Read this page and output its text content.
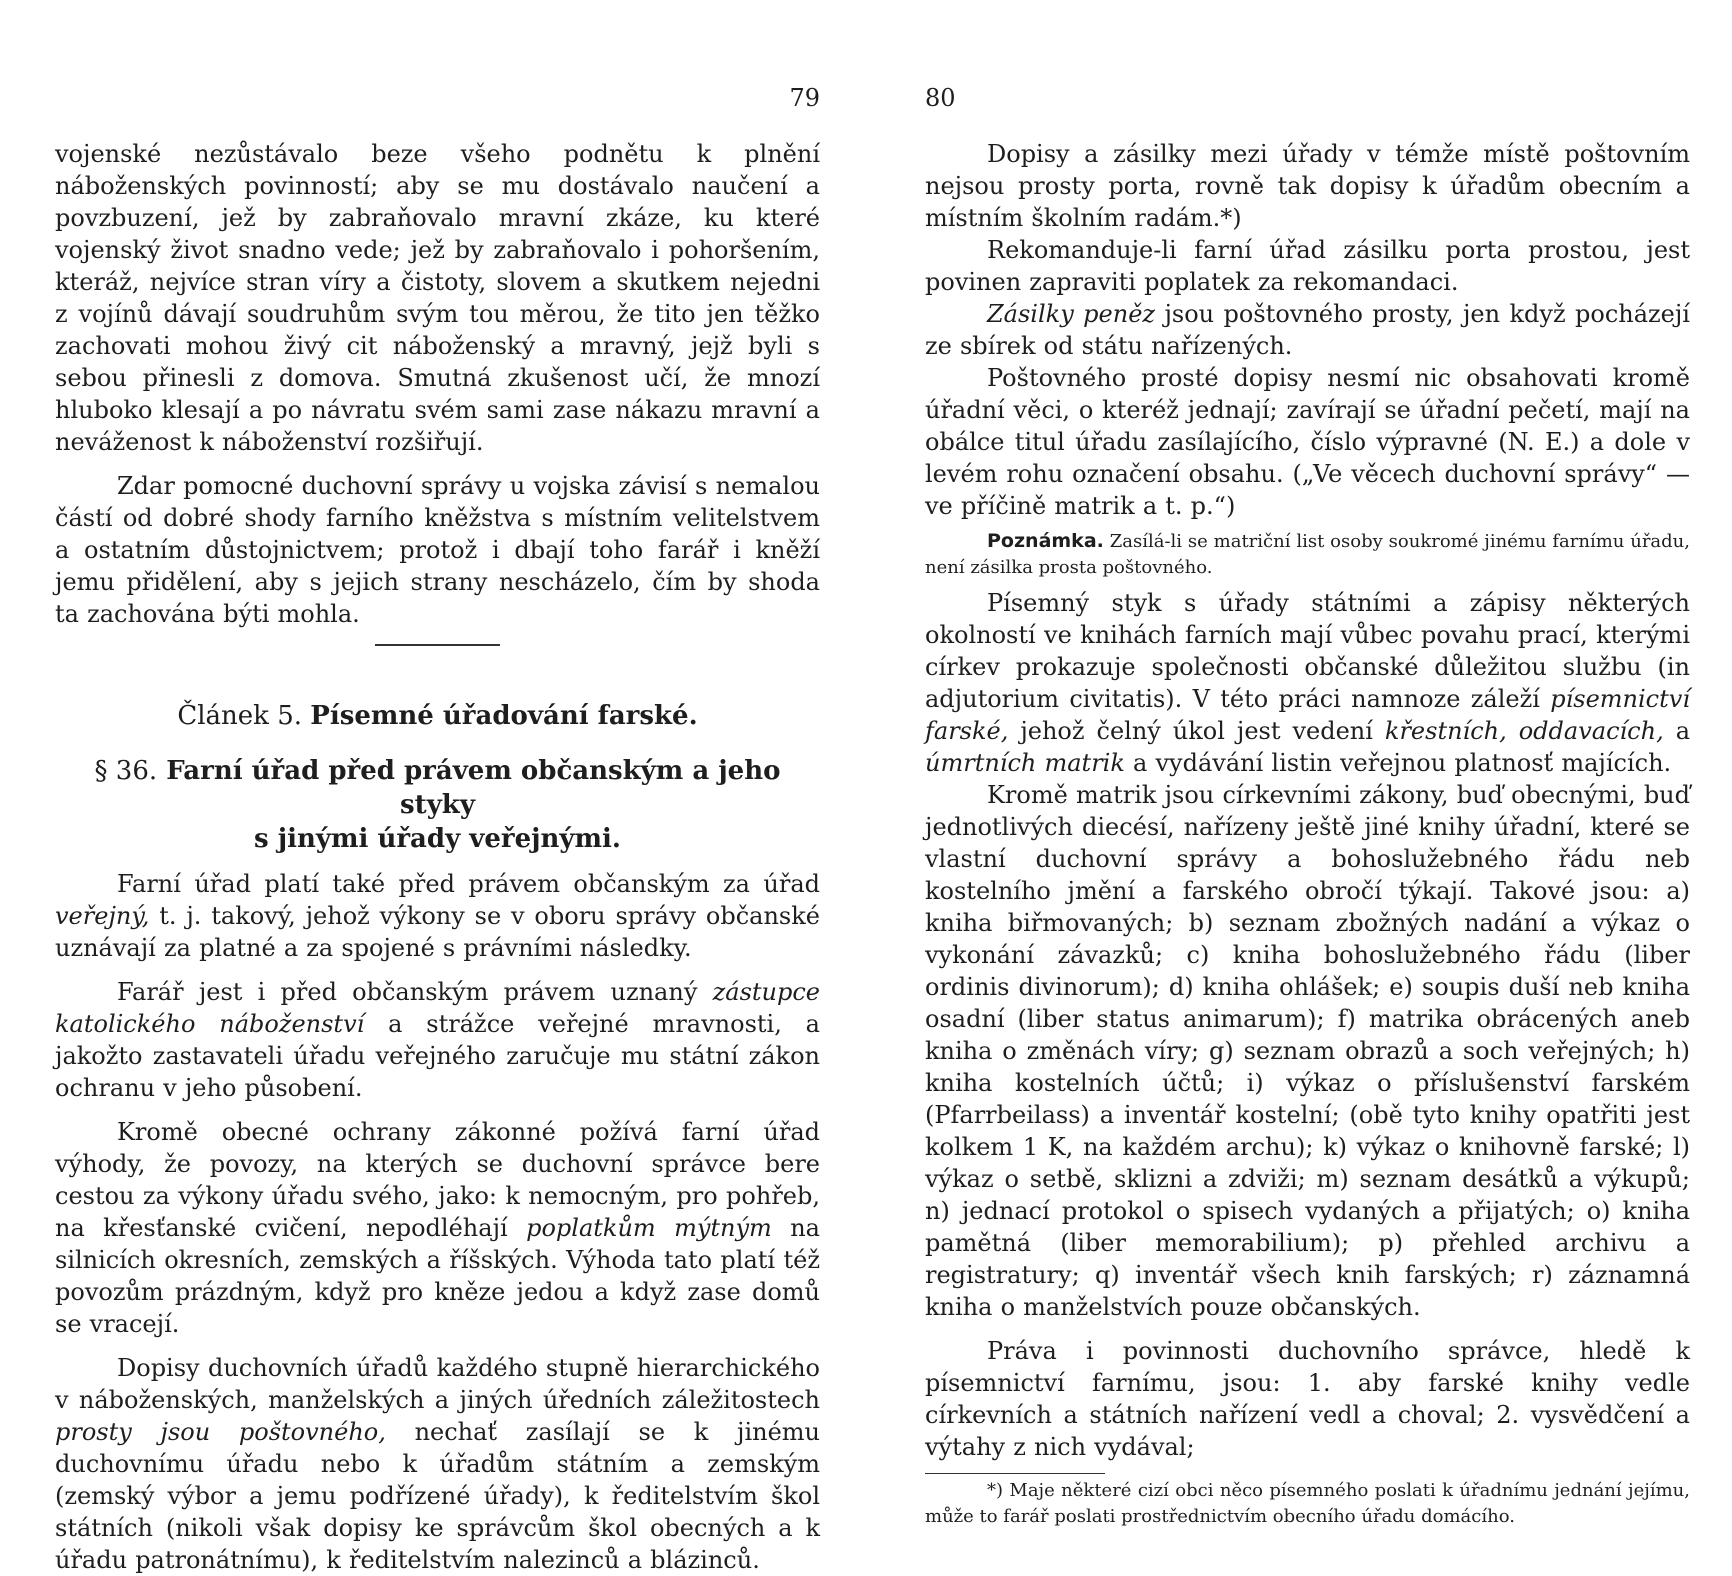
79

vojenské nezůstávalo beze všeho podnětu k plnění náboženských povinností; aby se mu dostávalo naučení a povzbuzení, jež by zabraňovalo mravní zkáze, ku které vojenský život snadno vede; jež by zabraňovalo i pohoršením, kteráž, nejvíce stran víry a čistoty, slovem a skutkem nejedni z vojínů dávají soudruhům svým tou měrou, že tito jen těžko zachovati mohou živý cit náboženský a mravný, jejž byli s sebou přinesli z domova. Smutná zkušenost učí, že mnozí hluboko klesají a po návratu svém sami zase nákazu mravní a neváženost k náboženství rozšiřují.

Zdar pomocné duchovní správy u vojska závisí s nemalou částí od dobré shody farního kněžstva s místním velitelstvem a ostatním důstojnictvem; protož i dbají toho farář i kněží jemu přidělení, aby s jejich strany nescházelo, čím by shoda ta zachována býti mohla.

Článek 5. Písemné úřadování farské.
§ 36. Farní úřad před právem občanským a jeho styky
s jinými úřady veřejnými.

Farní úřad platí také před právem občanským za úřad veřejný, t. j. takový, jehož výkony se v oboru správy občanské uznávají za platné a za spojené s právními následky.

Farář jest i před občanským právem uznaný zástupce katolického náboženství a strážce veřejné mravnosti, a jakožto zastavateli úřadu veřejného zaručuje mu státní zákon ochranu v jeho působení.

Kromě obecné ochrany zákonné požívá farní úřad výhody, že povozy, na kterých se duchovní správce bere cestou za výkony úřadu svého, jako: k nemocným, pro pohřeb, na křesťanské cvičení, nepodléhají poplatkům mýtným na silnicích okresních, zemských a říšských. Výhoda tato platí též povozům prázdným, když pro kněze jedou a když zase domů se vracejí.

Dopisy duchovních úřadů každého stupně hierarchického v náboženských, manželských a jiných úředních záležitostech prosty jsou poštovného, nechať zasílají se k jinému duchovnímu úřadu nebo k úřadům státním a zemským (zemský výbor a jemu podřízené úřady), k ředitelstvím škol státních (nikoli však dopisy ke správcům škol obecných a k úřadu patronátnímu), k ředitelstvím nalezinců a blázinců.

80

Dopisy a zásilky mezi úřady v témže místě poštovním nejsou prosty porta, rovně tak dopisy k úřadům obecním a místním školním radám.*)

Rekomanduje-li farní úřad zásilku porta prostou, jest povinen zapraviti poplatek za rekomandaci.

Zásilky peněz jsou poštovného prosty, jen když pocházejí ze sbírek od státu nařízených.

Poštovného prosté dopisy nesmí nic obsahovati kromě úřadní věci, o kteréž jednají; zavírají se úřadní pečetí, mají na obálce titul úřadu zasílajícího, číslo výpravné (N. E.) a dole v levém rohu označení obsahu. („Ve věcech duchovní správy“ — ve příčině matrik a t. p.“)

Poznámka. Zasílá-li se matriční list osoby soukromé jinému farnímu úřadu, není zásilka prosta poštovného.

Písemný styk s úřady státními a zápisy některých okolností ve knihách farních mají vůbec povahu prací, kterými církev prokazuje společnosti občanské důležitou službu (in adjutorium civitatis). V této práci namnoze záleží písemnictví farské, jehož čelný úkol jest vedení křestních, oddavacích, a úmrtních matrik a vydávání listin veřejnou platnosť majících.

Kromě matrik jsou církevními zákony, buď obecnými, buď jednotlivých diecésí, nařízeny ještě jiné knihy úřadní, které se vlastní duchovní správy a bohoslužebného řádu neb kostelního jmění a farského obročí týkají. Takové jsou: a) kniha biřmovaných; b) seznam zbožných nadání a výkaz o vykonání závazků; c) kniha bohoslužebného řádu (liber ordinis divinorum); d) kniha ohlášek; e) soupis duší neb kniha osadní (liber status animarum); f) matrika obrácených aneb kniha o změnách víry; g) seznam obrazů a soch veřejných; h) kniha kostelních účtů; i) výkaz o příslušenství farském (Pfarrbeilass) a inventář kostelní; (obě tyto knihy opatřiti jest kolkem 1 K, na každém archu); k) výkaz o knihovně farské; l) výkaz o setbě, sklizni a zdviži; m) seznam desátků a výkupů; n) jednací protokol o spisech vydaných a přijatých; o) kniha pamětná (liber memorabilium); p) přehled archivu a registratury; q) inventář všech knih farských; r) záznamná kniha o manželstvích pouze občanských.

Práva i povinnosti duchovního správce, hledě k písemnictví farnímu, jsou: 1. aby farské knihy vedle církevních a státních nařízení vedl a choval; 2. vysvědčení a výtahy z nich vydával;

*) Maje některé cizí obci něco písemného poslati k úřadnímu jednání jejímu, může to farář poslati prostřednictvím obecního úřadu domácího.
